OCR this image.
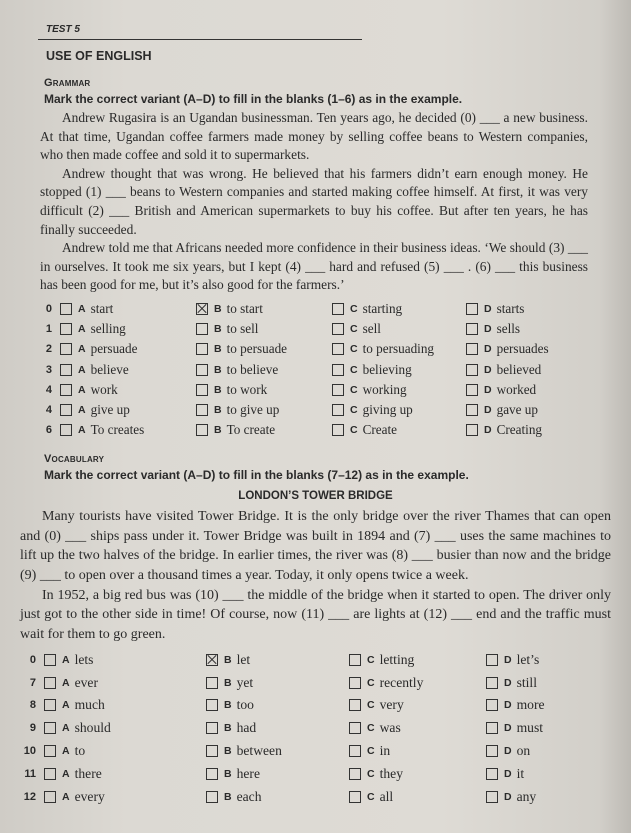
TEST 5
USE OF ENGLISH
Grammar
Mark the correct variant (A–D) to fill in the blanks (1–6) as in the example.

Andrew Rugasira is an Ugandan businessman. Ten years ago, he decided (0) ___ a new business. At that time, Ugandan coffee farmers made money by selling coffee beans to Western companies, who then made coffee and sold it to supermarkets.

Andrew thought that was wrong. He believed that his farmers didn’t earn enough money. He stopped (1) ___ beans to Western companies and started making coffee himself. At first, it was very difficult (2) ___ British and American supermarkets to buy his coffee. But after ten years, he has finally succeeded.

Andrew told me that Africans needed more confidence in their business ideas. ‘We should (3) ___ in ourselves. It took me six years, but I kept (4) ___ hard and refused (5) ___ . (6) ___ this business has been good for me, but it’s also good for the farmers.’

0	A start	B to start	C starting	D starts
1	A selling	B to sell	C sell	D sells
2	A persuade	B to persuade	C to persuading	D persuades
3	A believe	B to believe	C believing	D believed
4	A work	B to work	C working	D worked
4	A give up	B to give up	C giving up	D gave up
6	A To creates	B To create	C Create	D Creating
Vocabulary
Mark the correct variant (A–D) to fill in the blanks (7–12) as in the example.
LONDON’S TOWER BRIDGE

Many tourists have visited Tower Bridge. It is the only bridge over the river Thames that can open and (0) ___ ships pass under it. Tower Bridge was built in 1894 and (7) ___ uses the same machines to lift up the two halves of the bridge. In earlier times, the river was (8) ___ busier than now and the bridge (9) ___ to open over a thousand times a year. Today, it only opens twice a week.

In 1952, a big red bus was (10) ___ the middle of the bridge when it started to open. The driver only just got to the other side in time! Of course, now (11) ___ are lights at (12) ___ end and the traffic must wait for them to go green.

0	A lets	B let	C letting	D let’s
7	A ever	B yet	C recently	D still
8	A much	B too	C very	D more
9	A should	B had	C was	D must
10	A to	B between	C in	D on
11	A there	B here	C they	D it
12	A every	B each	C all	D any
